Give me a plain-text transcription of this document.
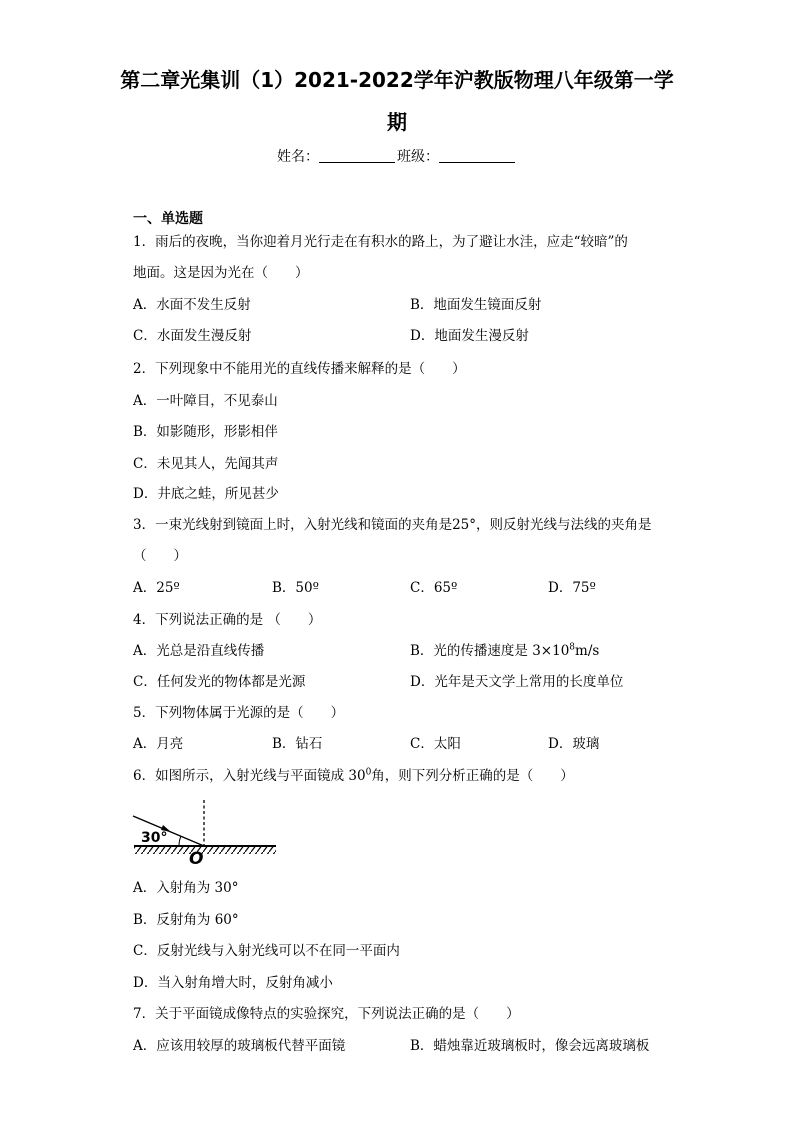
第二章光集训（1）2021-2022学年沪教版物理八年级第一学
期
姓名：	班级：
一、单选题
1．雨后的夜晚，当你迎着月光行走在有积水的路上，为了避让水洼，应走“较暗”的
地面。这是因为光在（　　）
A．水面不发生反射	B．地面发生镜面反射
C．水面发生漫反射	D．地面发生漫反射
2．下列现象中不能用光的直线传播来解释的是（　　）
A．一叶障目，不见泰山
B．如影随形，形影相伴
C．未见其人，先闻其声
D．井底之蛙，所见甚少
3．一束光线射到镜面上时，入射光线和镜面的夹角是25°，则反射光线与法线的夹角是
（　　）
A．25º	B．50º	C．65º	D．75º
4．下列说法正确的是 （　　）
A．光总是沿直线传播	B．光的传播速度是 $3\times 10^8m/s$
C．任何发光的物体都是光源	D．光年是天文学上常用的长度单位
5．下列物体属于光源的是（　　）
A．月亮	B．钻石	C．太阳	D．玻璃
6．如图所示，入射光线与平面镜成 $30^0$角，则下列分析正确的是（　　）
30°
O
A．入射角为 30°
B．反射角为 60°
C．反射光线与入射光线可以不在同一平面内
D．当入射角增大时，反射角减小
7．关于平面镜成像特点的实验探究，下列说法正确的是（　　）
A．应该用较厚的玻璃板代替平面镜	B．蜡烛靠近玻璃板时，像会远离玻璃板
